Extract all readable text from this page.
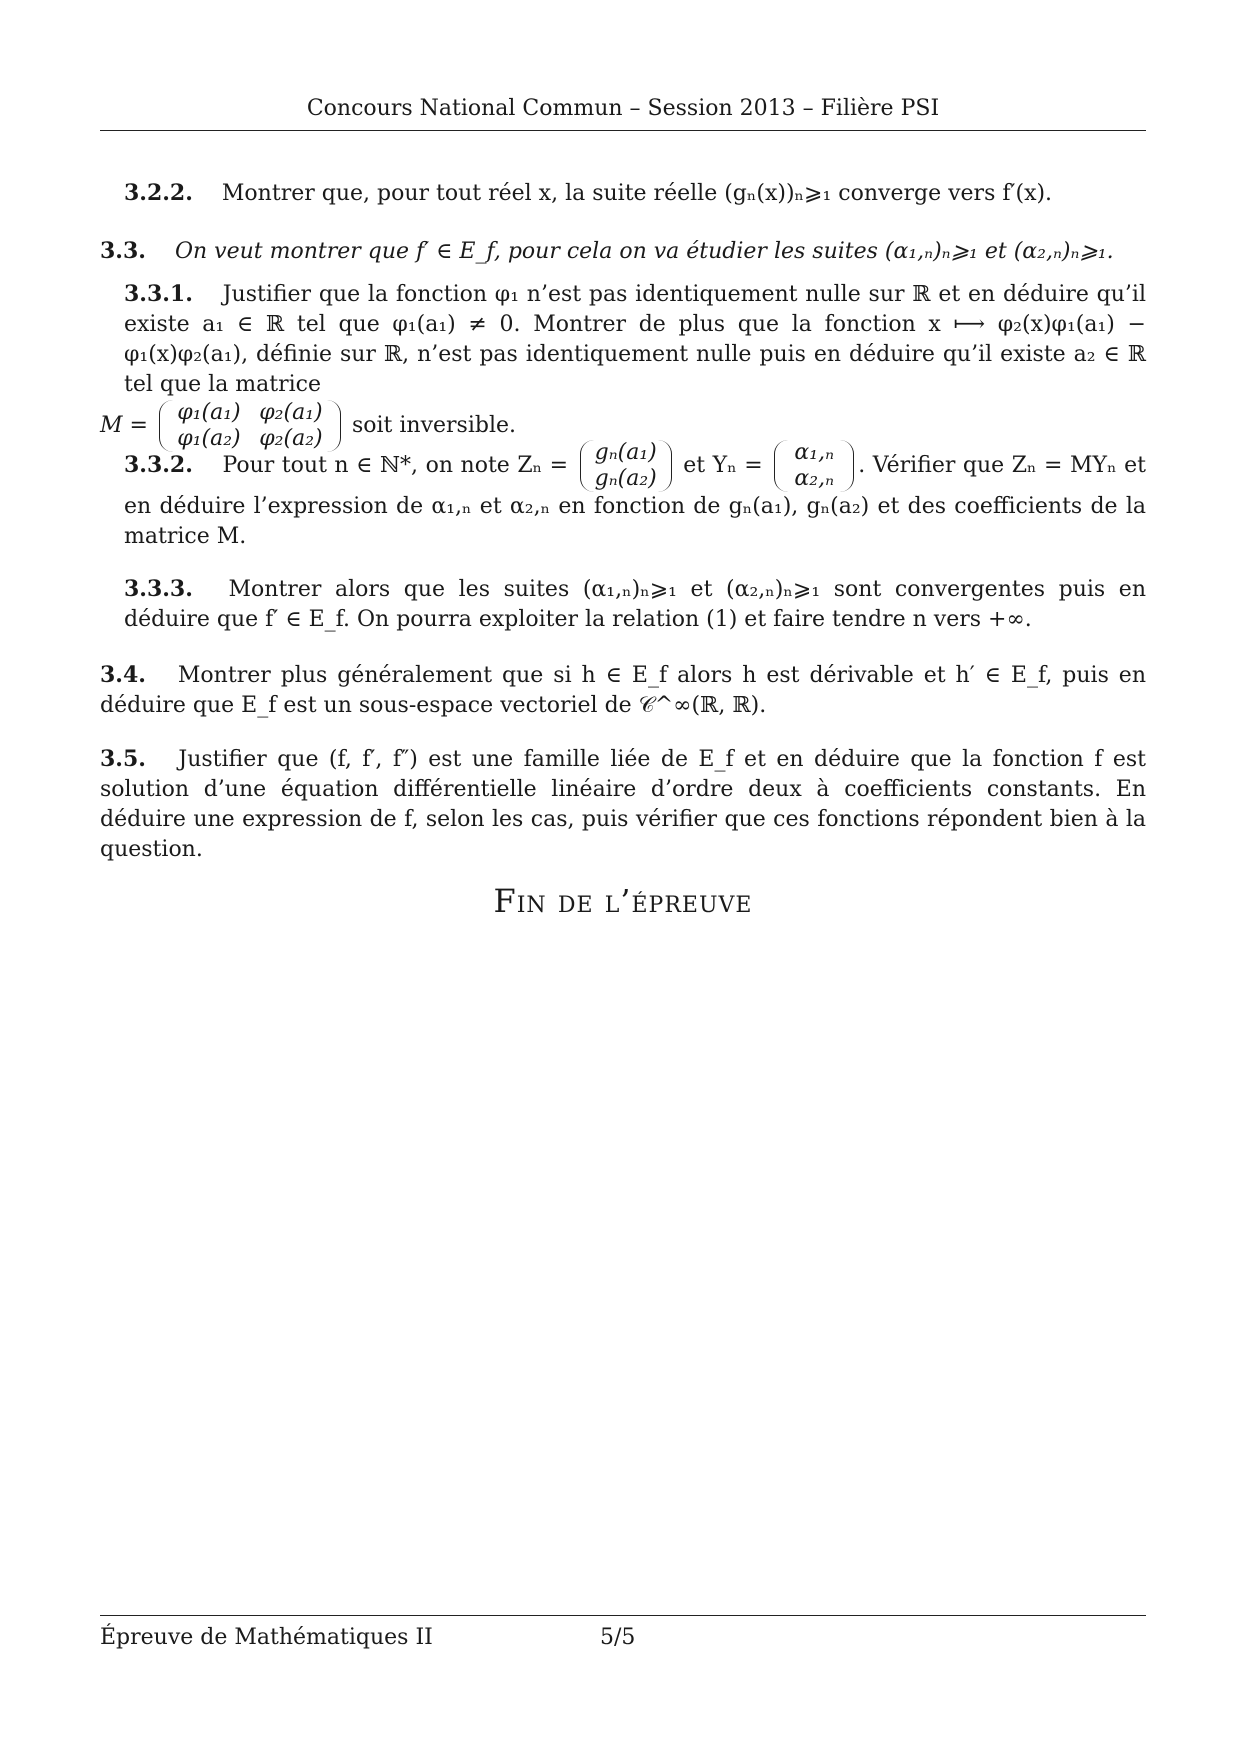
Concours National Commun – Session 2013 – Filière PSI

3.2.2. Montrer que, pour tout réel x, la suite réelle (gₙ(x))ₙ⩾₁ converge vers f′(x).

3.3. On veut montrer que f′ ∈ E_f, pour cela on va étudier les suites (α₁,ₙ)ₙ⩾₁ et (α₂,ₙ)ₙ⩾₁.

3.3.1. Justifier que la fonction φ₁ n’est pas identiquement nulle sur ℝ et en déduire qu’il existe a₁ ∈ ℝ tel que φ₁(a₁) ≠ 0. Montrer de plus que la fonction x ⟼ φ₂(x)φ₁(a₁) − φ₁(x)φ₂(a₁), définie sur ℝ, n’est pas identiquement nulle puis en déduire qu’il existe a₂ ∈ ℝ tel que la matrice
M = φ₁(a₁) φ₂(a₁)
φ₁(a₂) φ₂(a₂) soit inversible.

3.3.2. Pour tout n ∈ ℕ*, on note Zₙ = gₙ(a₁)
gₙ(a₂) et Yₙ = α₁,ₙ
α₂,ₙ. Vérifier que Zₙ = MYₙ et en déduire l’expression de α₁,ₙ et α₂,ₙ en fonction de gₙ(a₁), gₙ(a₂) et des coefficients de la matrice M.

3.3.3. Montrer alors que les suites (α₁,ₙ)ₙ⩾₁ et (α₂,ₙ)ₙ⩾₁ sont convergentes puis en déduire que f′ ∈ E_f. On pourra exploiter la relation (1) et faire tendre n vers +∞.

3.4. Montrer plus généralement que si h ∈ E_f alors h est dérivable et h′ ∈ E_f, puis en déduire que E_f est un sous-espace vectoriel de 𝒞^∞(ℝ, ℝ).

3.5. Justifier que (f, f′, f″) est une famille liée de E_f et en déduire que la fonction f est solution d’une équation différentielle linéaire d’ordre deux à coefficients constants. En déduire une expression de f, selon les cas, puis vérifier que ces fonctions répondent bien à la question.

Fin de l’épreuve
Épreuve de Mathématiques II	5/5
